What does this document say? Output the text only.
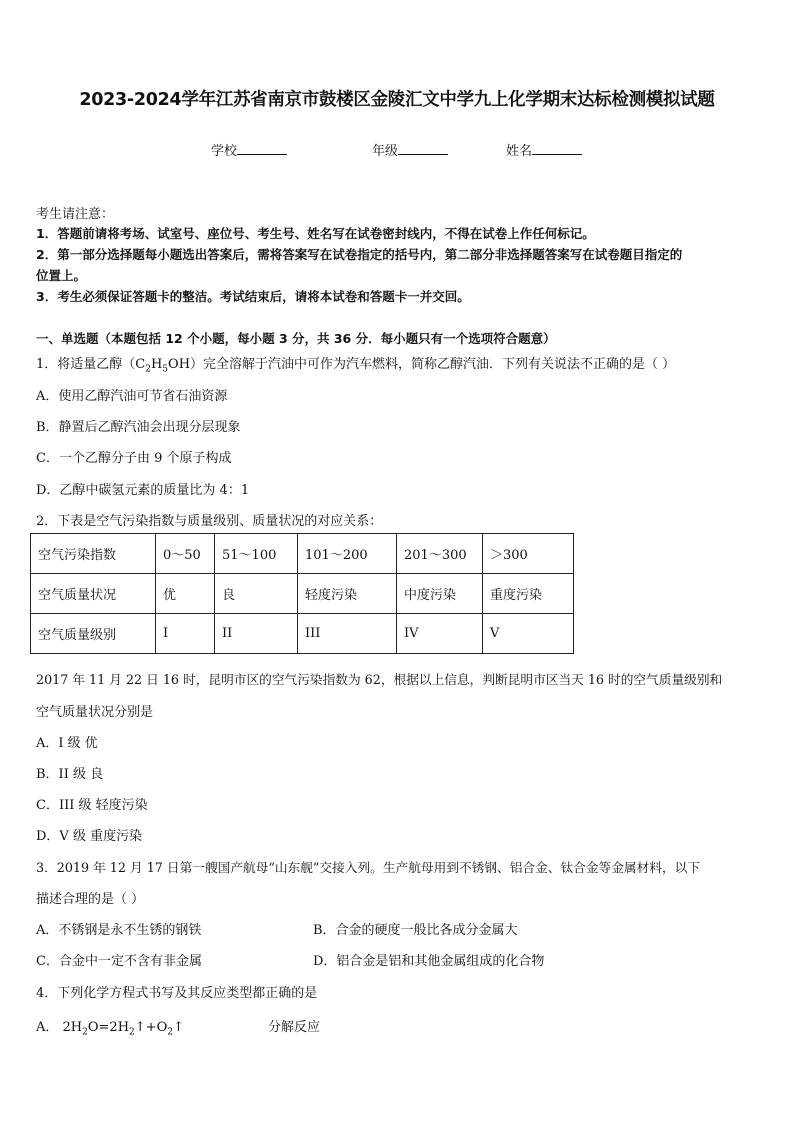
2023-2024学年江苏省南京市鼓楼区金陵汇文中学九上化学期末达标检测模拟试题
学校	年级	姓名
考生请注意：
1．答题前请将考场、试室号、座位号、考生号、姓名写在试卷密封线内，不得在试卷上作任何标记。
2．第一部分选择题每小题选出答案后，需将答案写在试卷指定的括号内，第二部分非选择题答案写在试卷题目指定的
位置上。
3．考生必须保证答题卡的整洁。考试结束后，请将本试卷和答题卡一并交回。
一、单选题（本题包括 12 个小题，每小题 3 分，共 36 分．每小题只有一个选项符合题意）
1．将适量乙醇$(C_2H_5OH)$完全溶解于汽油中可作为汽车燃料，简称乙醇汽油．下列有关说法不正确的是（ ）
A．使用乙醇汽油可节省石油资源
B．静置后乙醇汽油会出现分层现象
C．一个乙醇分子由 9 个原子构成
D．乙醇中碳氢元素的质量比为 4：1
2．下表是空气污染指数与质量级别、质量状况的对应关系：
空气污染指数	0～50	51～100	101～200	201～300	＞300
空气质量状况	优	良	轻度污染	中度污染	重度污染
空气质量级别	I	II	III	IV	V
2017 年 11 月 22 日 16 时，昆明市区的空气污染指数为 62，根据以上信息，判断昆明市区当天 16 时的空气质量级别和
空气质量状况分别是
A．I 级 优
B．II 级 良
C．III 级 轻度污染
D．V 级 重度污染
3．2019 年 12 月 17 日第一艘国产航母“山东舰”交接入列。生产航母用到不锈钢、铝合金、钛合金等金属材料，以下
描述合理的是（ ）
A．不锈钢是永不生锈的钢铁	B．合金的硬度一般比各成分金属大
C．合金中一定不含有非金属	D．铝合金是铝和其他金属组成的化合物
4．下列化学方程式书写及其反应类型都正确的是
A． $2H_2O=2H_2↑+O_2↑$	分解反应
